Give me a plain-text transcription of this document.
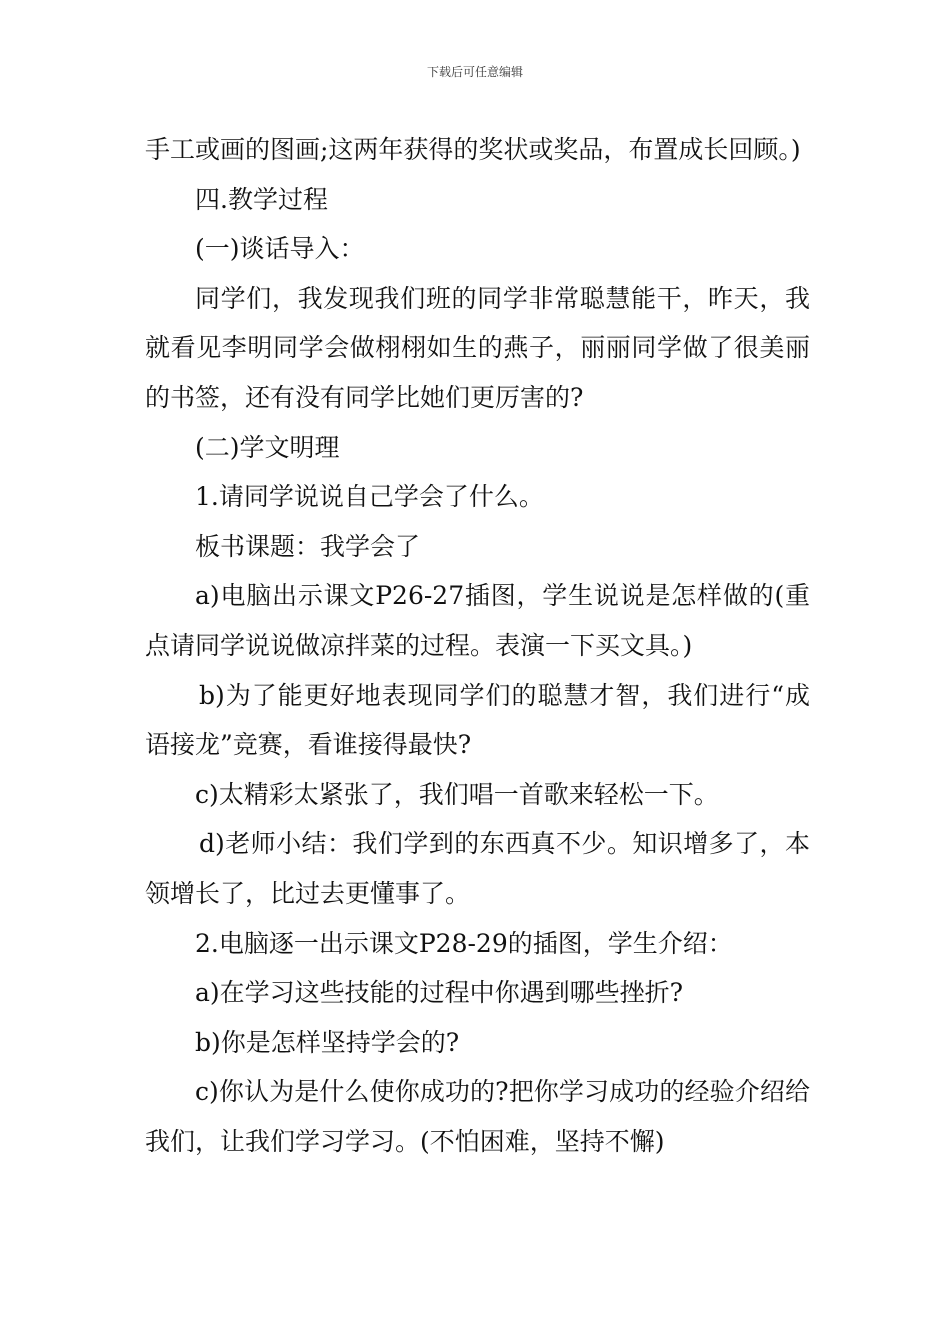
下载后可任意编辑

手工或画的图画;这两年获得的奖状或奖品，布置成长回顾。)

四.教学过程

(一)谈话导入：

同学们，我发现我们班的同学非常聪慧能干，昨天，我就看见李明同学会做栩栩如生的燕子，丽丽同学做了很美丽的书签，还有没有同学比她们更厉害的?

(二)学文明理

1.请同学说说自己学会了什么。

板书课题：我学会了

a)电脑出示课文P26-27插图，学生说说是怎样做的(重点请同学说说做凉拌菜的过程。表演一下买文具。)

b)为了能更好地表现同学们的聪慧才智，我们进行“成语接龙”竞赛，看谁接得最快?

c)太精彩太紧张了，我们唱一首歌来轻松一下。

d)老师小结：我们学到的东西真不少。知识增多了，本领增长了，比过去更懂事了。

2.电脑逐一出示课文P28-29的插图，学生介绍：

a)在学习这些技能的过程中你遇到哪些挫折?

b)你是怎样坚持学会的?

c)你认为是什么使你成功的?把你学习成功的经验介绍给我们，让我们学习学习。(不怕困难，坚持不懈)
